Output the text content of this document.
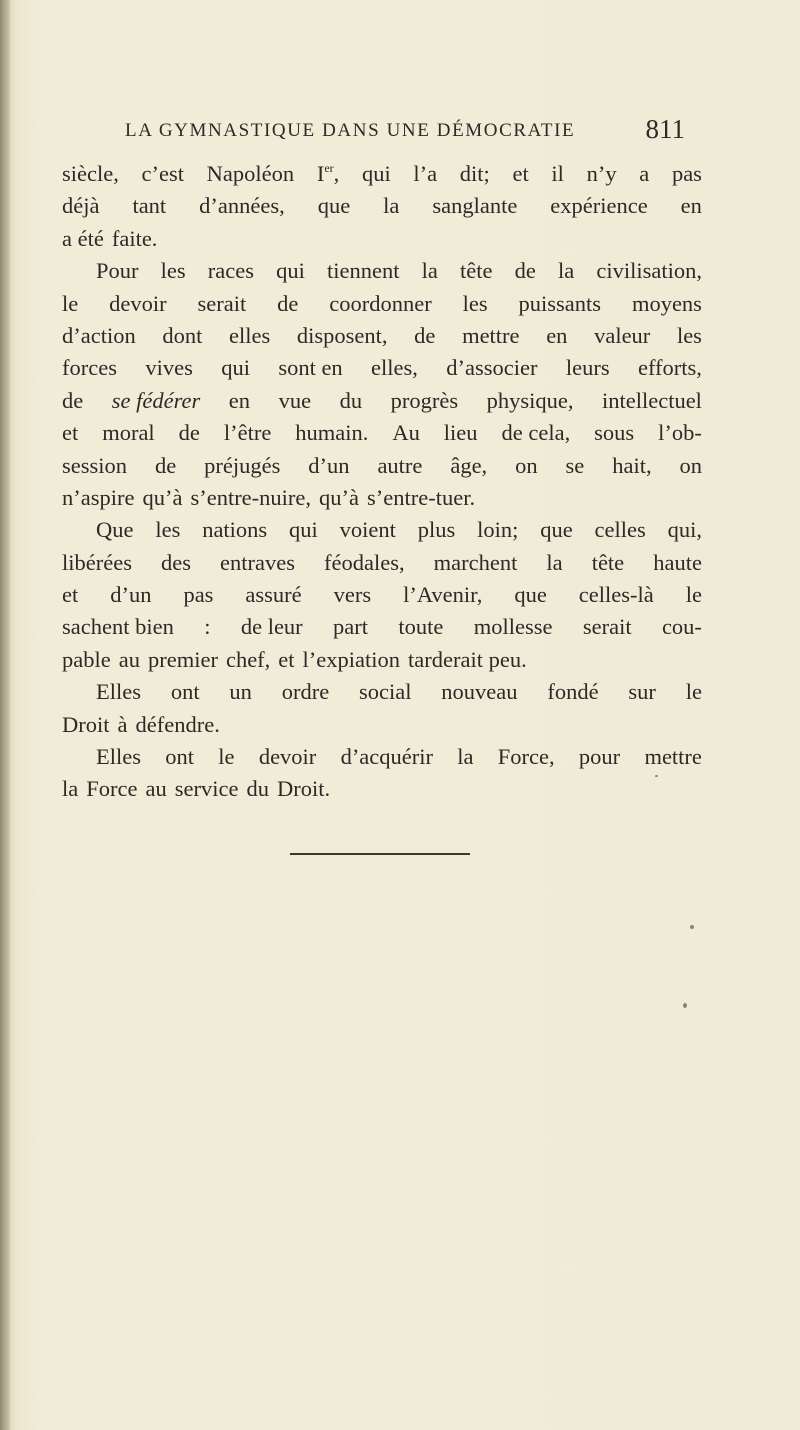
LA GYMNASTIQUE DANS UNE DÉMOCRATIE	811
siècle, c’est Napoléon Ier, qui l’a dit; et il n’y a pas
déjà tant d’années, que la sanglante expérience en
a été faite.
Pour les races qui tiennent la tête de la civilisation,
le devoir serait de coordonner les puissants moyens
d’action dont elles disposent, de mettre en valeur les
forces vives qui sont en elles, d’associer leurs efforts,
de se fédérer en vue du progrès physique, intellectuel
et moral de l’être humain. Au lieu de cela, sous l’ob-
session de préjugés d’un autre âge, on se hait, on
n’aspire qu’à s’entre-nuire, qu’à s’entre-tuer.
Que les nations qui voient plus loin; que celles qui,
libérées des entraves féodales, marchent la tête haute
et d’un pas assuré vers l’Avenir, que celles-là le
sachent bien : de leur part toute mollesse serait cou-
pable au premier chef, et l’expiation tarderait peu.
Elles ont un ordre social nouveau fondé sur le
Droit à défendre.
Elles ont le devoir d’acquérir la Force, pour mettre
la Force au service du Droit.
